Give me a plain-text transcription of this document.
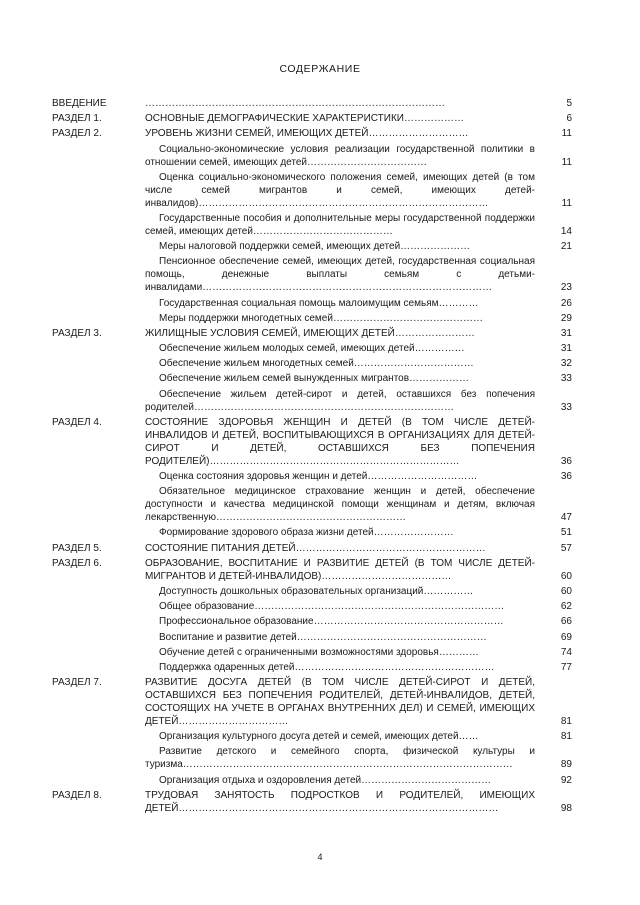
СОДЕРЖАНИЕ
ВВЕДЕНИЕ	………………………………………………………………………………	5
РАЗДЕЛ 1.	ОСНОВНЫЕ ДЕМОГРАФИЧЕСКИЕ ХАРАКТЕРИСТИКИ………………	6
РАЗДЕЛ 2.	УРОВЕНЬ ЖИЗНИ СЕМЕЙ, ИМЕЮЩИХ ДЕТЕЙ…………………………	11
Социально-экономические условия реализации государственной политики в отношении семей, имеющих детей………………………………	11
Оценка социально-экономического положения семей, имеющих детей (в том числе семей мигрантов и семей, имеющих детей-инвалидов)……………………………………………………………………………	11
Государственные пособия и дополнительные меры государственной поддержки семей, имеющих детей……………………………………	14
Меры налоговой поддержки семей, имеющих детей…………………	21
Пенсионное обеспечение семей, имеющих детей, государственная социальная помощь, денежные выплаты семьям с детьми-инвалидами……………………………………………………………………………	23
Государственная социальная помощь малоимущим семьям…………	26
Меры поддержки многодетных семей………………………………………	29
РАЗДЕЛ 3.	ЖИЛИЩНЫЕ УСЛОВИЯ СЕМЕЙ, ИМЕЮЩИХ ДЕТЕЙ……………………	31
Обеспечение жильем молодых семей, имеющих детей……………	31
Обеспечение жильем многодетных семей………………………………	32
Обеспечение жильем семей вынужденных мигрантов………………	33
Обеспечение жильем детей-сирот и детей, оставшихся без попечения родителей……………………………………………………………………	33
РАЗДЕЛ 4.	СОСТОЯНИЕ ЗДОРОВЬЯ ЖЕНЩИН И ДЕТЕЙ (В ТОМ ЧИСЛЕ ДЕТЕЙ-ИНВАЛИДОВ И ДЕТЕЙ, ВОСПИТЫВАЮЩИХСЯ В ОРГАНИЗАЦИЯХ ДЛЯ ДЕТЕЙ-СИРОТ И ДЕТЕЙ, ОСТАВШИХСЯ БЕЗ ПОПЕЧЕНИЯ РОДИТЕЛЕЙ)…………………………………………………………………	36
Оценка состояния здоровья женщин и детей……………………………	36
Обязательное медицинское страхование женщин и детей, обеспечение доступности и качества медицинской помощи женщинам и детям, включая лекарственную…………………………………………………	47
Формирование здорового образа жизни детей……………………	51
РАЗДЕЛ 5.	СОСТОЯНИЕ ПИТАНИЯ ДЕТЕЙ…………………………………………………	57
РАЗДЕЛ 6.	ОБРАЗОВАНИЕ, ВОСПИТАНИЕ И РАЗВИТИЕ ДЕТЕЙ (В ТОМ ЧИСЛЕ ДЕТЕЙ-МИГРАНТОВ И ДЕТЕЙ-ИНВАЛИДОВ)…………………………………	60
Доступность дошкольных образовательных организаций……………	60
Общее образование…………………………………………………………………	62
Профессиональное образование…………………………………………………	66
Воспитание и развитие детей…………………………………………………	69
Обучение детей с ограниченными возможностями здоровья…………	74
Поддержка одаренных детей……………………………………………………	77
РАЗДЕЛ 7.	РАЗВИТИЕ ДОСУГА ДЕТЕЙ (В ТОМ ЧИСЛЕ ДЕТЕЙ-СИРОТ И ДЕТЕЙ, ОСТАВШИХСЯ БЕЗ ПОПЕЧЕНИЯ РОДИТЕЛЕЙ, ДЕТЕЙ-ИНВАЛИДОВ, ДЕТЕЙ, СОСТОЯЩИХ НА УЧЕТЕ В ОРГАНАХ ВНУТРЕННИХ ДЕЛ) И СЕМЕЙ, ИМЕЮЩИХ ДЕТЕЙ……………………………	81
Организация культурного досуга детей и семей, имеющих детей……	81
Развитие детского и семейного спорта, физической культуры и туризма………………………………………………………………………………………	89
Организация отдыха и оздоровления детей…………………………………	92
РАЗДЕЛ 8.	ТРУДОВАЯ ЗАНЯТОСТЬ ПОДРОСТКОВ И РОДИТЕЛЕЙ, ИМЕЮЩИХ ДЕТЕЙ……………………………………………………………………………………	98
4
